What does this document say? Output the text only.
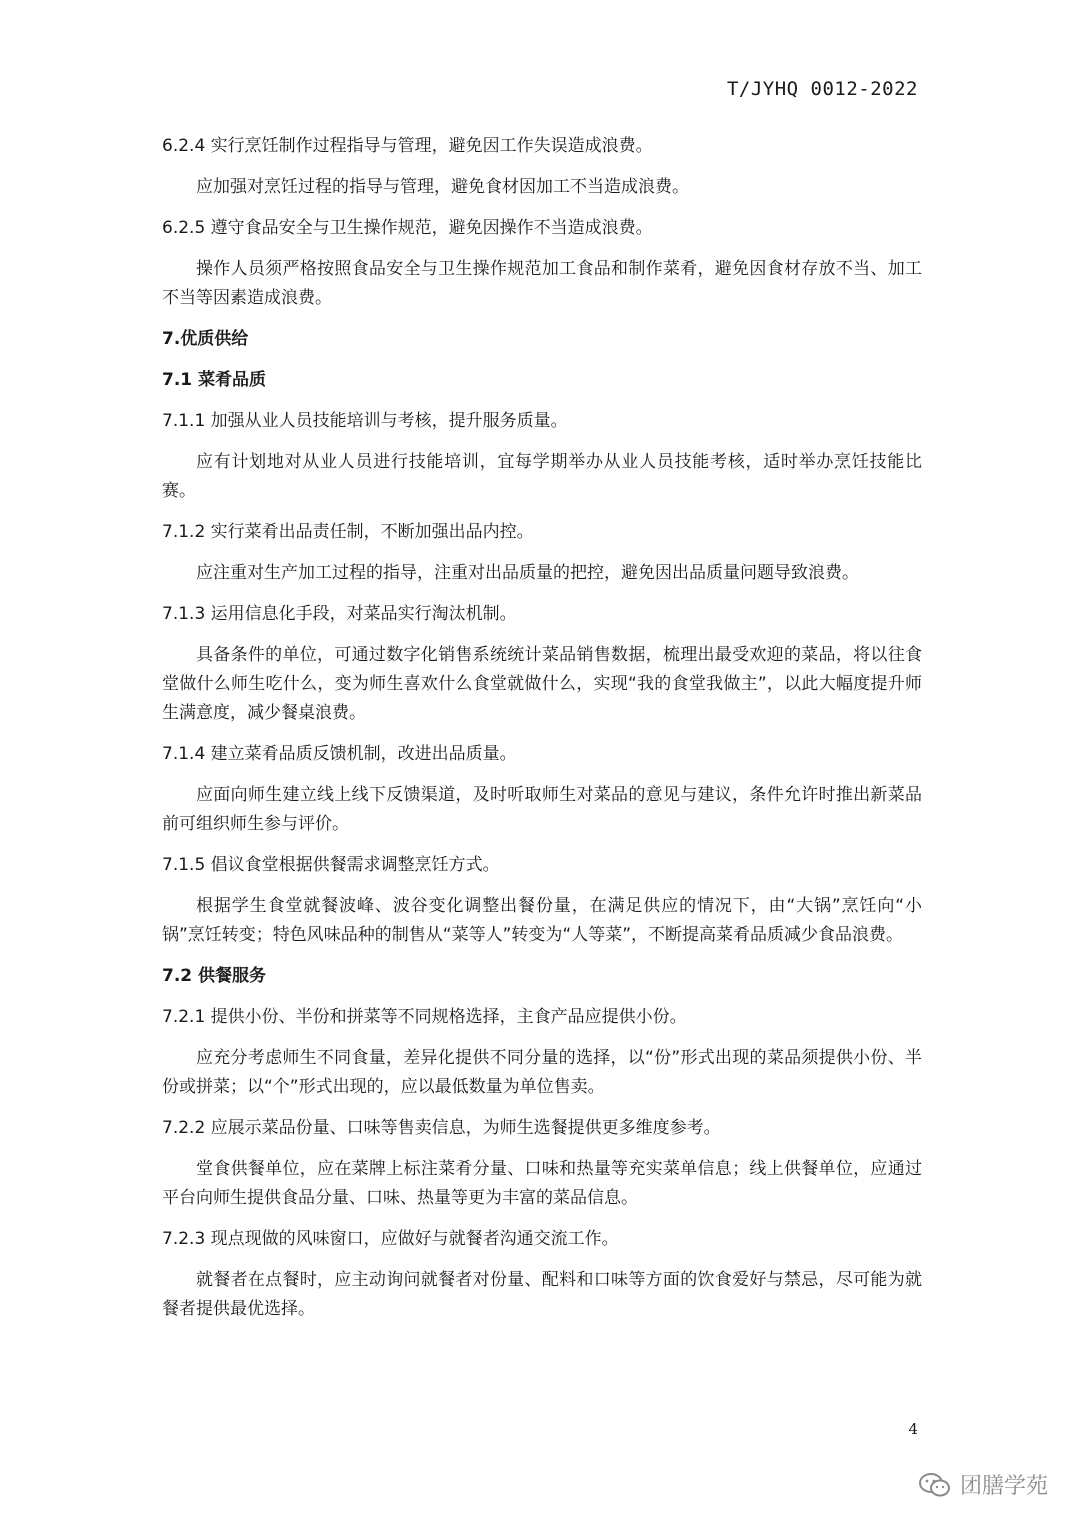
T/JYHQ 0012-2022
6.2.4 实行烹饪制作过程指导与管理，避免因工作失误造成浪费。
应加强对烹饪过程的指导与管理，避免食材因加工不当造成浪费。
6.2.5 遵守食品安全与卫生操作规范，避免因操作不当造成浪费。
操作人员须严格按照食品安全与卫生操作规范加工食品和制作菜肴，避免因食材存放不当、加工不当等因素造成浪费。
7.优质供给
7.1 菜肴品质
7.1.1 加强从业人员技能培训与考核，提升服务质量。
应有计划地对从业人员进行技能培训，宜每学期举办从业人员技能考核，适时举办烹饪技能比赛。
7.1.2 实行菜肴出品责任制，不断加强出品内控。
应注重对生产加工过程的指导，注重对出品质量的把控，避免因出品质量问题导致浪费。
7.1.3 运用信息化手段，对菜品实行淘汰机制。
具备条件的单位，可通过数字化销售系统统计菜品销售数据，梳理出最受欢迎的菜品，将以往食堂做什么师生吃什么，变为师生喜欢什么食堂就做什么，实现“我的食堂我做主”，以此大幅度提升师生满意度，减少餐桌浪费。
7.1.4 建立菜肴品质反馈机制，改进出品质量。
应面向师生建立线上线下反馈渠道，及时听取师生对菜品的意见与建议，条件允许时推出新菜品前可组织师生参与评价。
7.1.5 倡议食堂根据供餐需求调整烹饪方式。
根据学生食堂就餐波峰、波谷变化调整出餐份量，在满足供应的情况下，由“大锅”烹饪向“小锅”烹饪转变；特色风味品种的制售从“菜等人”转变为“人等菜”，不断提高菜肴品质减少食品浪费。
7.2 供餐服务
7.2.1 提供小份、半份和拼菜等不同规格选择，主食产品应提供小份。
应充分考虑师生不同食量，差异化提供不同分量的选择，以“份”形式出现的菜品须提供小份、半份或拼菜；以“个”形式出现的，应以最低数量为单位售卖。
7.2.2 应展示菜品份量、口味等售卖信息，为师生选餐提供更多维度参考。
堂食供餐单位，应在菜牌上标注菜肴分量、口味和热量等充实菜单信息；线上供餐单位，应通过平台向师生提供食品分量、口味、热量等更为丰富的菜品信息。
7.2.3 现点现做的风味窗口，应做好与就餐者沟通交流工作。
就餐者在点餐时，应主动询问就餐者对份量、配料和口味等方面的饮食爱好与禁忌，尽可能为就餐者提供最优选择。
4
团膳学苑
